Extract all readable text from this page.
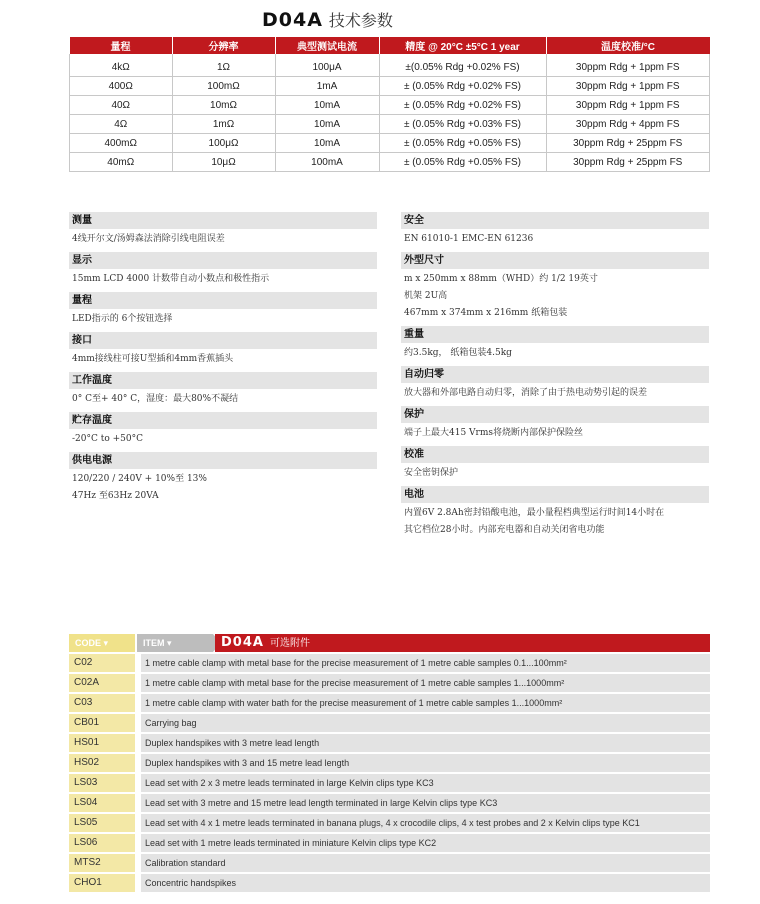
D04A 技术参数
量程	分辨率	典型测试电流	精度 @ 20°C ±5°C 1 year	温度校准/°C
4kΩ	1Ω	100μA	±(0.05% Rdg +0.02% FS)	30ppm Rdg + 1ppm FS
400Ω	100mΩ	1mA	± (0.05% Rdg +0.02% FS)	30ppm Rdg + 1ppm FS
40Ω	10mΩ	10mA	± (0.05% Rdg +0.02% FS)	30ppm Rdg + 1ppm FS
4Ω	1mΩ	10mA	± (0.05% Rdg +0.03% FS)	30ppm Rdg + 4ppm FS
400mΩ	100μΩ	10mA	± (0.05% Rdg +0.05% FS)	30ppm Rdg + 25ppm FS
40mΩ	10μΩ	100mA	± (0.05% Rdg +0.05% FS)	30ppm Rdg + 25ppm FS
测量
4线开尔文/汤姆森法消除引线电阻误差
显示
15mm LCD 4000 计数带自动小数点和极性指示
量程
LED指示的 6个按钮选择
接口
4mm接线柱可接U型插和4mm香蕉插头
工作温度
0° C至+ 40° C，湿度：最大80%不凝结
贮存温度
-20°C to +50°C
供电电源
120/220 / 240V + 10%至 13%
47Hz 至63Hz 20VA
安全
EN 61010-1 EMC-EN 61236
外型尺寸
m x 250mm x 88mm（WHD）约 1/2 19英寸
机架 2U高
467mm x 374mm x 216mm 纸箱包装
重量
约3.5kg， 纸箱包装4.5kg
自动归零
放大器和外部电路自动归零，消除了由于热电动势引起的误差
保护
端子上最大415 Vrms将烧断内部保护保险丝
校准
安全密钥保护
电池
内置6V 2.8Ah密封铅酸电池，最小量程档典型运行时间14小时在
其它档位28小时。内部充电器和自动关闭省电功能
CODE ▾	ITEM ▾	D04A 可选附件
C02	1 metre cable clamp with metal base for the precise measurement of 1 metre cable samples 0.1...100mm²
C02A	1 metre cable clamp with metal base for the precise measurement of 1 metre cable samples 1...1000mm²
C03	1 metre cable clamp with water bath for the precise measurement of 1 metre cable samples 1...1000mm²
CB01	Carrying bag
HS01	Duplex handspikes with 3 metre lead length
HS02	Duplex handspikes with 3 and 15 metre lead length
LS03	Lead set with 2 x 3 metre leads terminated in large Kelvin clips type KC3
LS04	Lead set with 3 metre and 15 metre lead length terminated in large Kelvin clips type KC3
LS05	Lead set with 4 x 1 metre leads terminated in banana plugs, 4 x crocodile clips, 4 x test probes and 2 x Kelvin clips type KC1
LS06	Lead set with 1 metre leads terminated in miniature Kelvin clips type KC2
MTS2	Calibration standard
CHO1	Concentric handspikes
